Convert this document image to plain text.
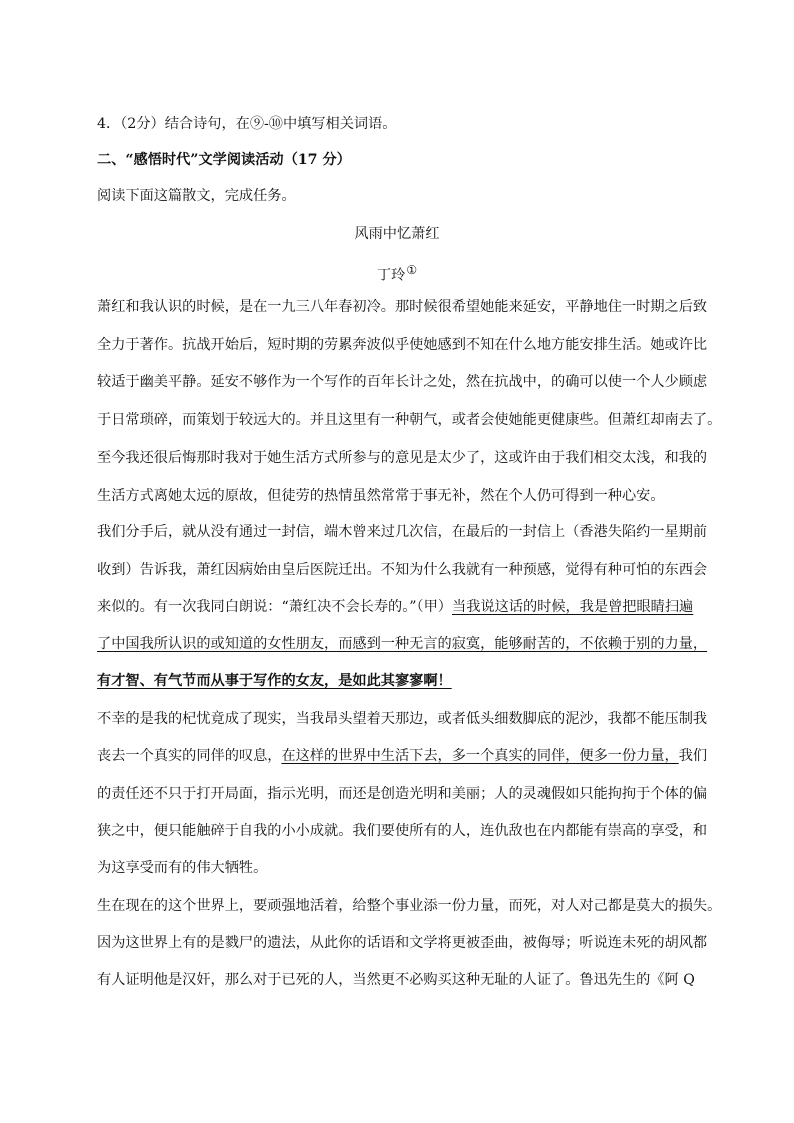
4．（2分）结合诗句，在⑨-⑩中填写相关词语。
二、“感悟时代”文学阅读活动（17 分）
阅读下面这篇散文，完成任务。
风雨中忆萧红
丁玲①
萧红和我认识的时候，是在一九三八年春初冷。那时候很希望她能来延安，平静地住一时期之后致
全力于著作。抗战开始后，短时期的劳累奔波似乎使她感到不知在什么地方能安排生活。她或许比
较适于幽美平静。延安不够作为一个写作的百年长计之处，然在抗战中，的确可以使一个人少顾虑
于日常琐碎，而策划于较远大的。并且这里有一种朝气，或者会使她能更健康些。但萧红却南去了。
至今我还很后悔那时我对于她生活方式所参与的意见是太少了，这或许由于我们相交太浅，和我的
生活方式离她太远的原故，但徒劳的热情虽然常常于事无补，然在个人仍可得到一种心安。
我们分手后，就从没有通过一封信，端木曾来过几次信，在最后的一封信上（香港失陷约一星期前
收到）告诉我，萧红因病始由皇后医院迁出。不知为什么我就有一种预感，觉得有种可怕的东西会
来似的。有一次我同白朗说：“萧红决不会长寿的。”（甲）当我说这话的时候，我是曾把眼睛扫遍
了中国我所认识的或知道的女性朋友，而感到一种无言的寂寞，能够耐苦的，不依赖于别的力量，
有才智、有气节而从事于写作的女友，是如此其寥寥啊！
不幸的是我的杞忧竟成了现实，当我昂头望着天那边，或者低头细数脚底的泥沙，我都不能压制我
丧去一个真实的同伴的叹息，在这样的世界中生活下去，多一个真实的同伴，便多一份力量，我们
的责任还不只于打开局面，指示光明，而还是创造光明和美丽；人的灵魂假如只能拘拘于个体的偏
狭之中，便只能触碎于自我的小小成就。我们要使所有的人，连仇敌也在内都能有崇高的享受，和
为这享受而有的伟大牺牲。
生在现在的这个世界上，要顽强地活着，给整个事业添一份力量，而死，对人对己都是莫大的损失。
因为这世界上有的是戮尸的遗法，从此你的话语和文学将更被歪曲，被侮辱；听说连未死的胡风都
有人证明他是汉奸，那么对于已死的人，当然更不必购买这种无耻的人证了。鲁迅先生的《阿 Q
